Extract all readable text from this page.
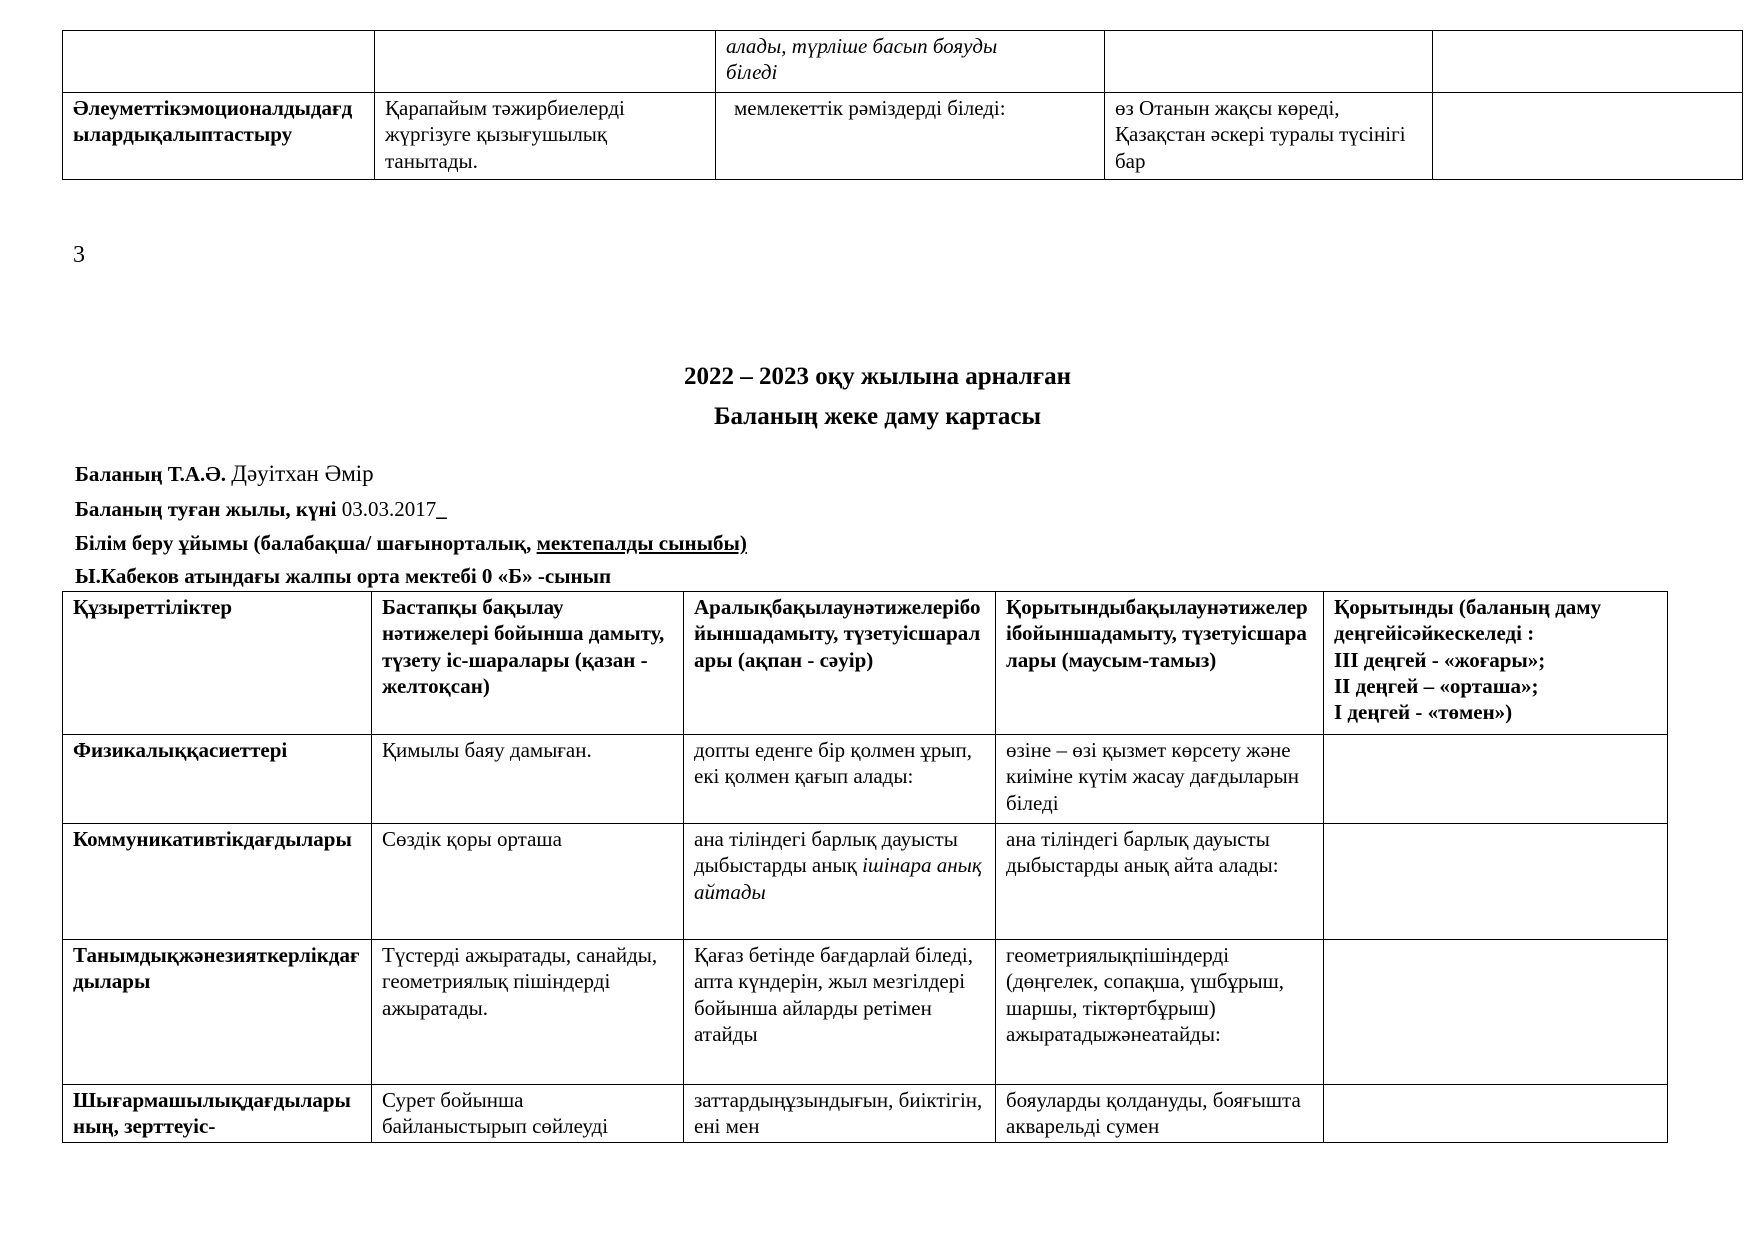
		алады, түрліше басып бояуды
біледі		
Әлеуметтікэмоционалдыдағдылардықалыптастыру	Қарапайым тәжирбиелерді жүргізуге қызығушылық танытады.	мемлекеттік рәміздерді біледі:	өз Отанын жақсы көреді, Қазақстан әскері туралы түсінігі бар	
3
2022 – 2023 оқу жылына арналған
Баланың жеке даму картасы
Баланың Т.А.Ә. Дәуітхан Әмір
Баланың туған жылы, күні 03.03.2017_
Білім беру ұйымы (балабақша/ шағынорталық, мектепалды сыныбы)
Ы.Кабеков атындағы жалпы орта мектебі 0 «Б» -сынып
Құзыреттіліктер	Бастапқы бақылау нәтижелері бойынша дамыту, түзету іс-шаралары (қазан - желтоқсан)	Аралықбақылаунәтижелерібойыншадамыту, түзетуісшаралары (ақпан - сәуір)	Қорытындыбақылаунәтижелерібойыншадамыту, түзетуісшаралары (маусым-тамыз)	Қорытынды (баланың даму деңгейісәйкескеледі :
ІІІ деңгей - «жоғары»;
ІІ деңгей – «орташа»;
І деңгей - «төмен»)

Физикалыққасиеттері	Қимылы баяу дамыған.	допты еденге бір қолмен ұрып, екі қолмен қағып алады:	өзіне – өзі қызмет көрсету және киіміне күтім жасау дағдыларын біледі	
Коммуникативтікдағдылары	Сөздік қоры орташа	ана тіліндегі барлық дауысты дыбыстарды анық ішінара анық айтады	ана тіліндегі барлық дауысты дыбыстарды анық айта алады:	
Танымдықжәнезияткерлікдағдылары	Түстерді ажыратады, санайды, геометриялық пішіндерді ажыратады.	Қағаз бетінде бағдарлай біледі, апта күндерін, жыл мезгілдері бойынша айларды ретімен атайды	геометриялықпішіндерді (дөңгелек, сопақша, үшбұрыш, шаршы, тіктөртбұрыш) ажыратадыжәнеатайды:	
Шығармашылықдағдыларының, зерттеуіс-	Сурет бойынша байланыстырып сөйлеуді	заттардыңұзындығын, биіктігін, ені мен	бояуларды қолдануды, бояғышта акварельді сумен	
